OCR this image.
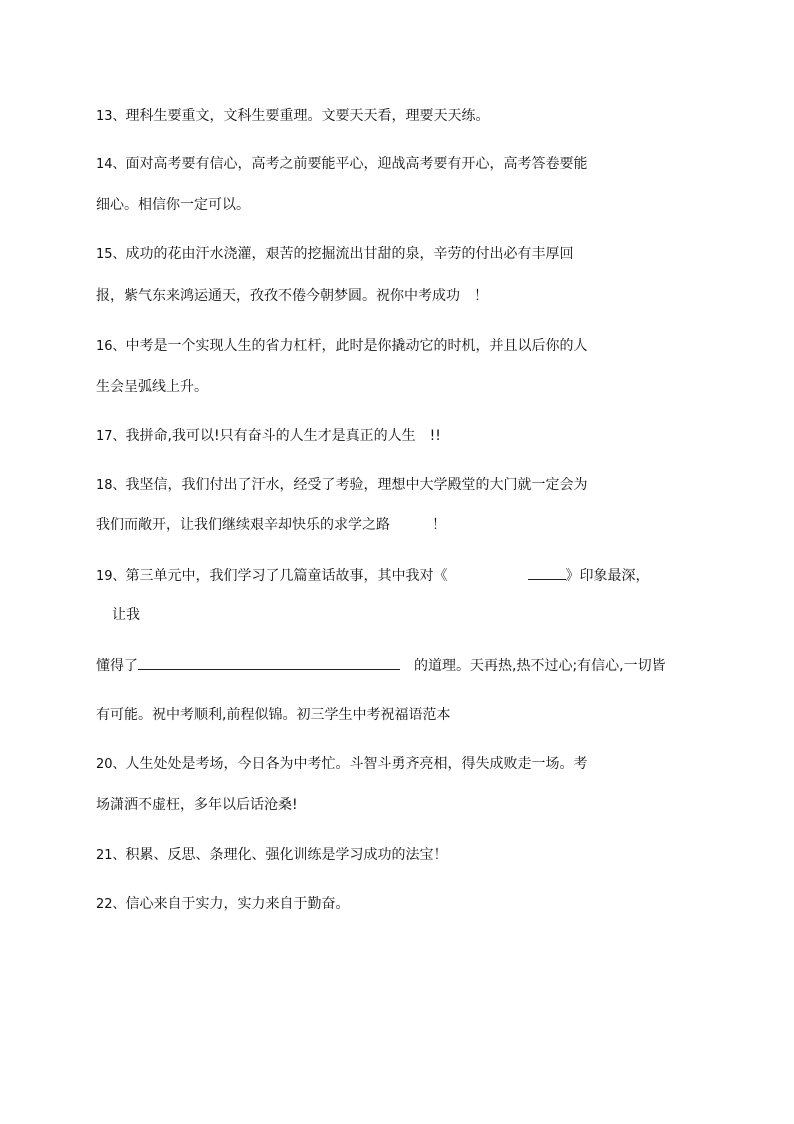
13、理科生要重文，文科生要重理。文要天天看，理要天天练。
14、面对高考要有信心，高考之前要能平心，迎战高考要有开心，高考答卷要能
细心。相信你一定可以。
15、成功的花由汗水浇灌，艰苦的挖掘流出甘甜的泉，辛劳的付出必有丰厚回
报，紫气东来鸿运通天，孜孜不倦今朝梦圆。祝你中考成功　！
16、中考是一个实现人生的省力杠杆，此时是你撬动它的时机，并且以后你的人
生会呈弧线上升。
17、我拼命,我可以!只有奋斗的人生才是真正的人生　!!
18、我坚信，我们付出了汗水，经受了考验，理想中大学殿堂的大门就一定会为
我们而敞开，让我们继续艰辛却快乐的求学之路　　　！
19、第三单元中，我们学习了几篇童话故事，其中我对《	》印象最深，
让我
懂得了	的道理。天再热,热不过心;有信心,一切皆
有可能。祝中考顺利,前程似锦。初三学生中考祝福语范本
20、人生处处是考场，今日各为中考忙。斗智斗勇齐亮相，得失成败走一场。考
场潇洒不虚枉，多年以后话沧桑!
21、积累、反思、条理化、强化训练是学习成功的法宝！
22、信心来自于实力，实力来自于勤奋。
